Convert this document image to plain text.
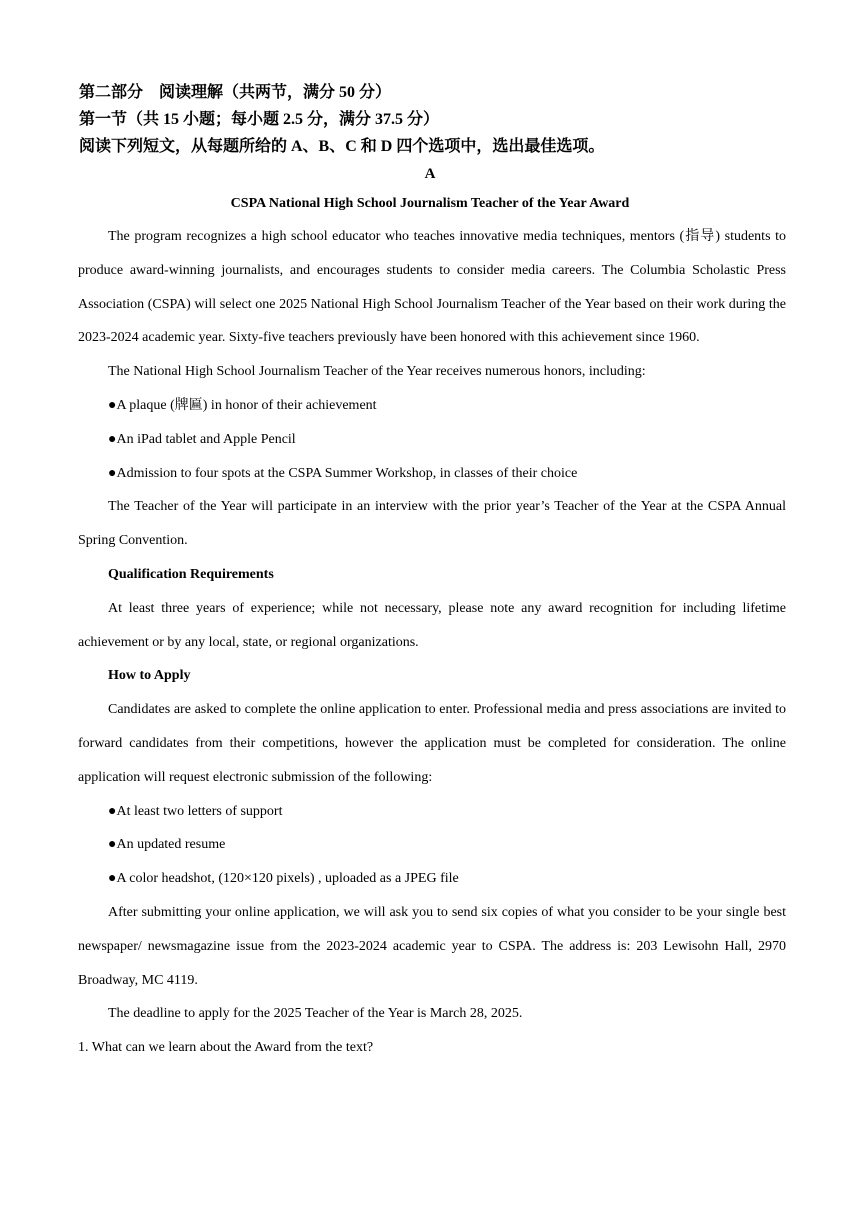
第二部分　阅读理解（共两节，满分 50 分）
第一节（共 15 小题；每小题 2.5 分，满分 37.5 分）
阅读下列短文，从每题所给的 A、B、C 和 D 四个选项中，选出最佳选项。
A
CSPA National High School Journalism Teacher of the Year Award

The program recognizes a high school educator who teaches innovative media techniques, mentors (指导) students to produce award-winning journalists, and encourages students to consider media careers. The Columbia Scholastic Press Association (CSPA) will select one 2025 National High School Journalism Teacher of the Year based on their work during the 2023-2024 academic year. Sixty-five teachers previously have been honored with this achievement since 1960.

The National High School Journalism Teacher of the Year receives numerous honors, including:

●A plaque (牌匾) in honor of their achievement

●An iPad tablet and Apple Pencil

●Admission to four spots at the CSPA Summer Workshop, in classes of their choice

The Teacher of the Year will participate in an interview with the prior year’s Teacher of the Year at the CSPA Annual Spring Convention.

Qualification Requirements

At least three years of experience; while not necessary, please note any award recognition for including lifetime achievement or by any local, state, or regional organizations.

How to Apply

Candidates are asked to complete the online application to enter. Professional media and press associations are invited to forward candidates from their competitions, however the application must be completed for consideration. The online application will request electronic submission of the following:

●At least two letters of support

●An updated resume

●A color headshot, (120×120 pixels) , uploaded as a JPEG file

After submitting your online application, we will ask you to send six copies of what you consider to be your single best newspaper/ newsmagazine issue from the 2023-2024 academic year to CSPA. The address is: 203 Lewisohn Hall, 2970 Broadway, MC 4119.

The deadline to apply for the 2025 Teacher of the Year is March 28, 2025.

1. What can we learn about the Award from the text?
